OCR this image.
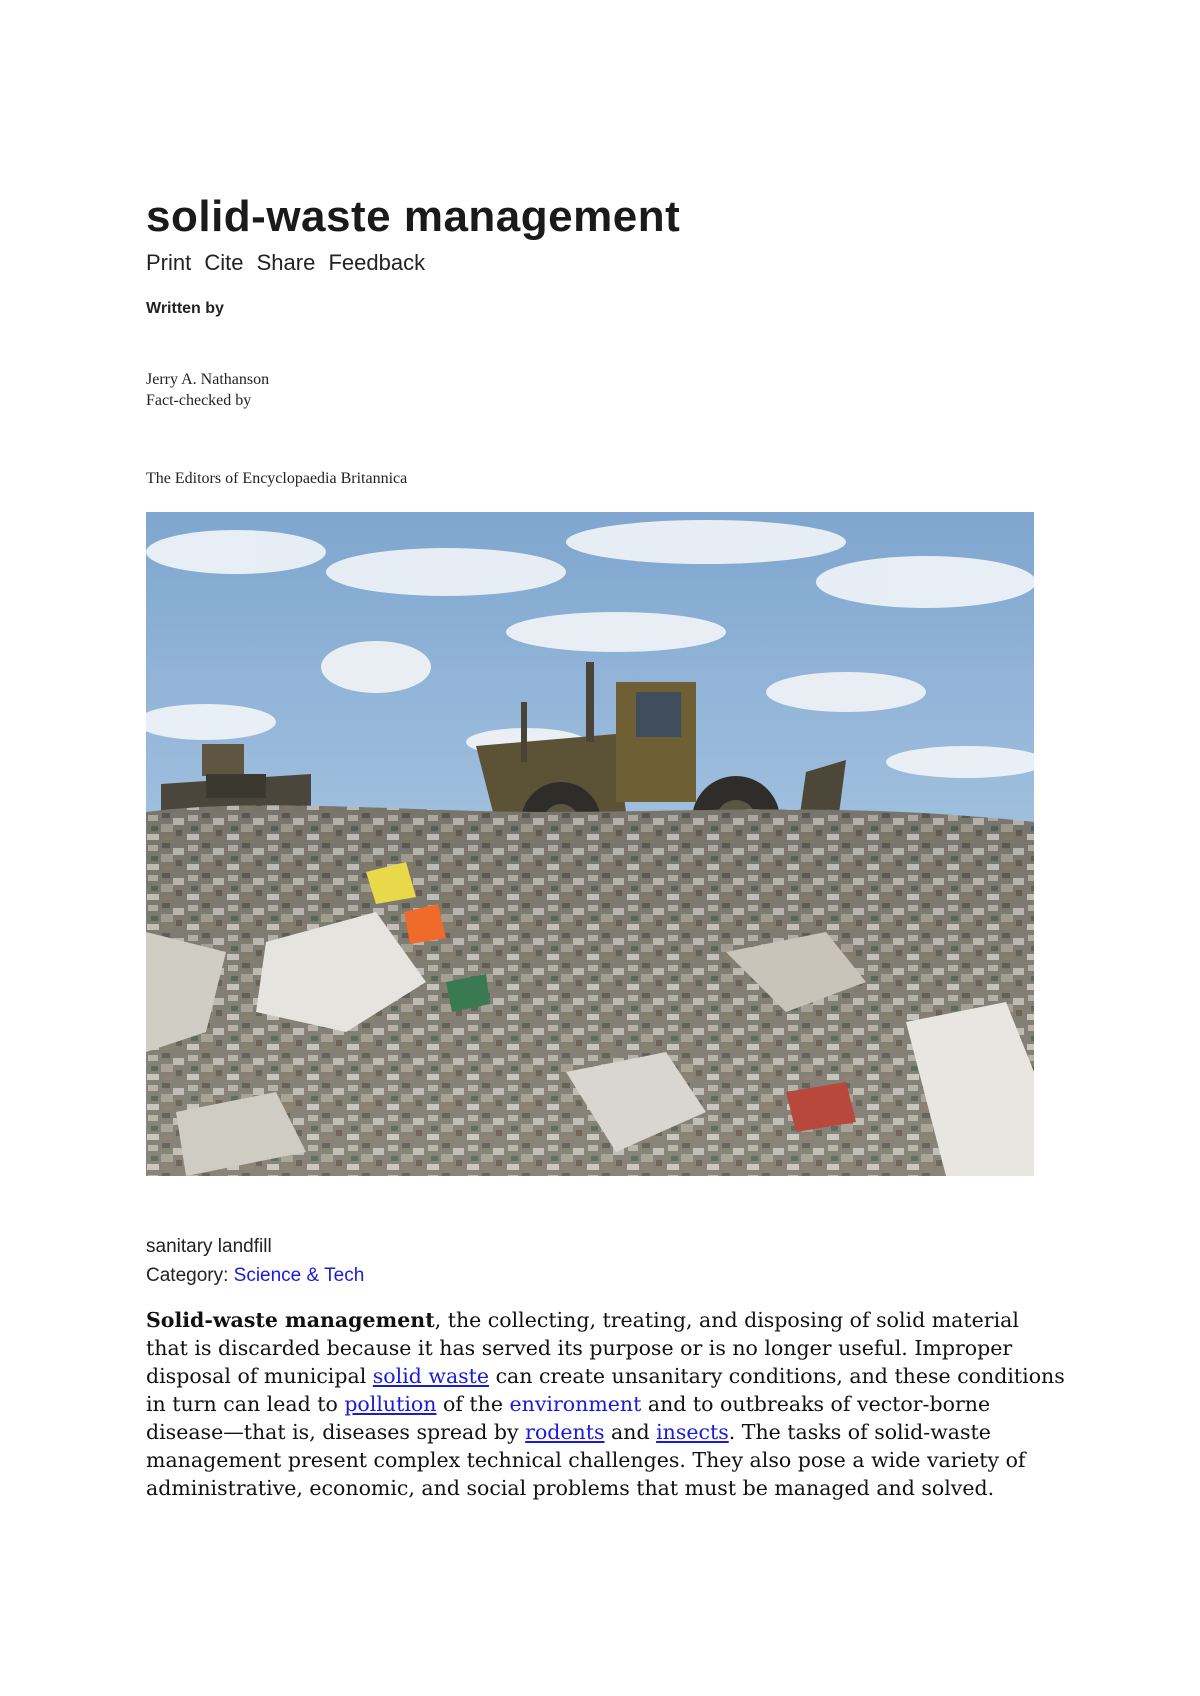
solid-waste management
Print Cite Share Feedback
Written by
Jerry A. Nathanson
Fact-checked by
The Editors of Encyclopaedia Britannica
sanitary landfill
Category: Science & Tech

Solid-waste management, the collecting, treating, and disposing of solid material that is discarded because it has served its purpose or is no longer useful. Improper disposal of municipal solid waste can create unsanitary conditions, and these conditions in turn can lead to pollution of the environment and to outbreaks of vector-borne disease—that is, diseases spread by rodents and insects. The tasks of solid-waste management present complex technical challenges. They also pose a wide variety of administrative, economic, and social problems that must be managed and solved.
